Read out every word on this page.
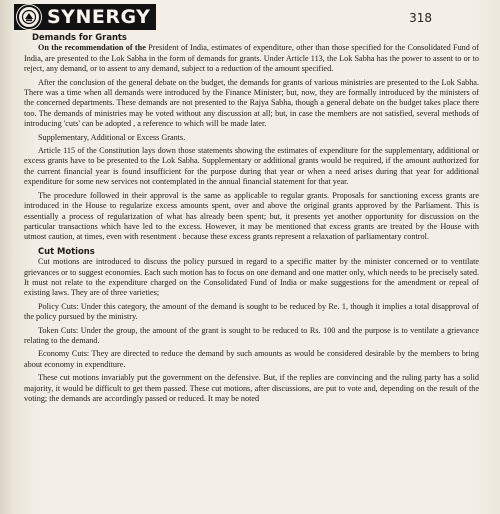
SYNERGY	318
Demands for Grants

On the recommendation of the President of India, estimates of expenditure, other than those specified for the Consolidated Fund of India, are presented to the Lok Sabha in the form of demands for grants. Under Article 113, the Lok Sabha has the power to assent to or to reject, any demand, or to assent to any demand, subject to a reduction of the amount specified.

After the conclusion of the general debate on the budget, the demands for grants of various ministries are presented to the Lok Sabha. There was a time when all demands were introduced by the Finance Minister; but, now, they are formally introduced by the ministers of the concerned departments. These demands are not presented to the Rajya Sabha, though a general debate on the budget takes place there too. The demands of ministries may be voted without any discussion at all; but, in case the members are not satisfied, several methods of introducing 'cuts' can be adopted , a reference to which will be made later.

Supplementary, Additional or Excess Grants.

Article 115 of the Constitution lays down those statements showing the estimates of expenditure for the supplementary, additional or excess grants have to be presented to the Lok Sabha. Supplementary or additional grants would be required, if the amount authorized for the current financial year is found insufficient for the purpose during that year or when a need arises during that year for additional expenditure for some new services not contemplated in the annual financial statement for that year.

The procedure followed in their approval is the same as applicable to regular grants. Proposals for sanctioning excess grants are introduced in the House to regularize excess amounts spent, over and above the original grants approved by the Parliament. This is essentially a process of regularization of what has already been spent; but, it presents yet another opportunity for discussion on the particular transactions which have led to the excess. However, it may be mentioned that excess grants are treated by the House with utmost caution, at times, even with resentment . because these excess grants represent a relaxation of parliamentary control.

Cut Motions

Cut motions are introduced to discuss the policy pursued in regard to a specific matter by the minister concerned or to ventilate grievances or to suggest economies. Each such motion has to focus on one demand and one matter only, which needs to be precisely sated. It must not relate to the expenditure charged on the Consolidated Fund of India or make suggestions for the amendment or repeal of existing laws. They are of three varieties;

Policy Cuts: Under this category, the amount of the demand is sought to be reduced by Re. 1, though it implies a total disapproval of the policy pursued by the ministry.

Token Cuts: Under the group, the amount of the grant is sought to be reduced to Rs. 100 and the purpose is to ventilate a grievance relating to the demand.

Economy Cuts: They are directed to reduce the demand by such amounts as would be considered desirable by the members to bring about economy in expenditure.

These cut motions invariably put the government on the defensive. But, if the replies are convincing and the ruling party has a solid majority, it would be difficult to get them passed. These cut motions, after discussions, are put to vote and, depending on the result of the voting; the demands are accordingly passed or reduced. It may be noted
